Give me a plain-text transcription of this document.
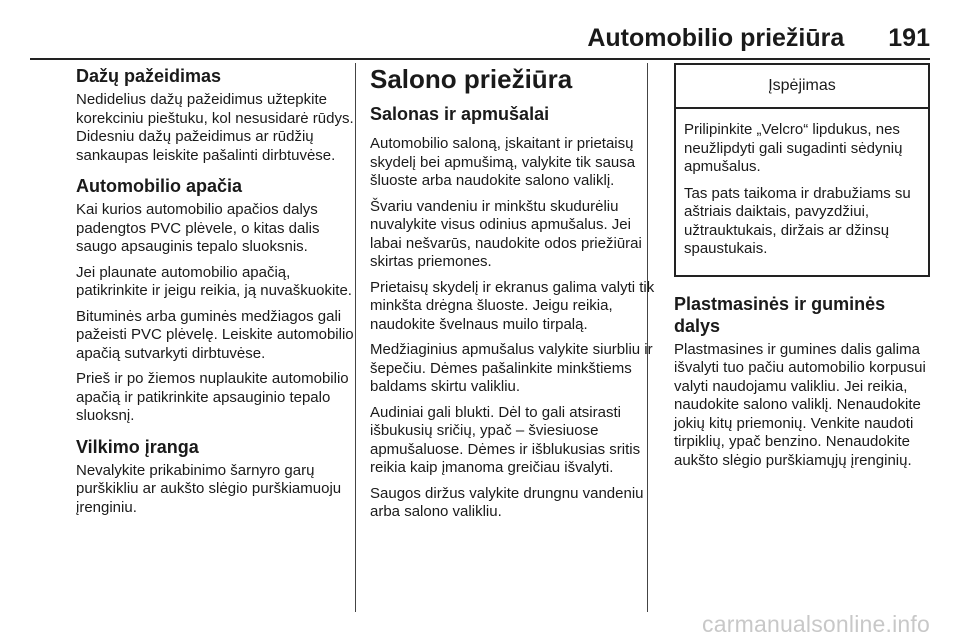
Automobilio priežiūra 191
Dažų pažeidimas

Nedidelius dažų pažeidimus užtepkite korekciniu pieštuku, kol nesusidarė rūdys. Didesniu dažų pažeidimus ar rūdžių sankaupas leiskite pašalinti dirbtuvėse.

Automobilio apačia

Kai kurios automobilio apačios dalys padengtos PVC plėvele, o kitas dalis saugo apsauginis tepalo sluoksnis.

Jei plaunate automobilio apačią, patikrinkite ir jeigu reikia, ją nuvaškuokite.

Bituminės arba guminės medžiagos gali pažeisti PVC plėvelę. Leiskite automobilio apačią sutvarkyti dirbtuvėse.

Prieš ir po žiemos nuplaukite automobilio apačią ir patikrinkite apsauginio tepalo sluoksnį.

Vilkimo įranga

Nevalykite prikabinimo šarnyro garų purškikliu ar aukšto slėgio purškiamuoju įrenginiu.

Salono priežiūra
Salonas ir apmušalai

Automobilio saloną, įskaitant ir prietaisų skydelį bei apmušimą, valykite tik sausa šluoste arba naudokite salono valiklį.

Švariu vandeniu ir minkštu skudurėliu nuvalykite visus odinius apmušalus. Jei labai nešvarūs, naudokite odos priežiūrai skirtas priemones.

Prietaisų skydelį ir ekranus galima valyti tik minkšta drėgna šluoste. Jeigu reikia, naudokite švelnaus muilo tirpalą.

Medžiaginius apmušalus valykite siurbliu ir šepečiu. Dėmes pašalinkite minkštiems baldams skirtu valikliu.

Audiniai gali blukti. Dėl to gali atsirasti išbukusių sričių, ypač – šviesiuose apmušaluose. Dėmes ir išblukusias sritis reikia kaip įmanoma greičiau išvalyti.

Saugos diržus valykite drungnu vandeniu arba salono valikliu.

Įspėjimas

Prilipinkite „Velcro“ lipdukus, nes neužlipdyti gali sugadinti sėdynių apmušalus.

Tas pats taikoma ir drabužiams su aštriais daiktais, pavyzdžiui, užtrauktukais, diržais ar džinsų spaustukais.

Plastmasinės ir guminės dalys

Plastmasines ir gumines dalis galima išvalyti tuo pačiu automobilio korpusui valyti naudojamu valikliu. Jei reikia, naudokite salono valiklį. Nenaudokite jokių kitų priemonių. Venkite naudoti tirpiklių, ypač benzino. Nenaudokite aukšto slėgio purškiamųjų įrenginių.

carmanualsonline.info
